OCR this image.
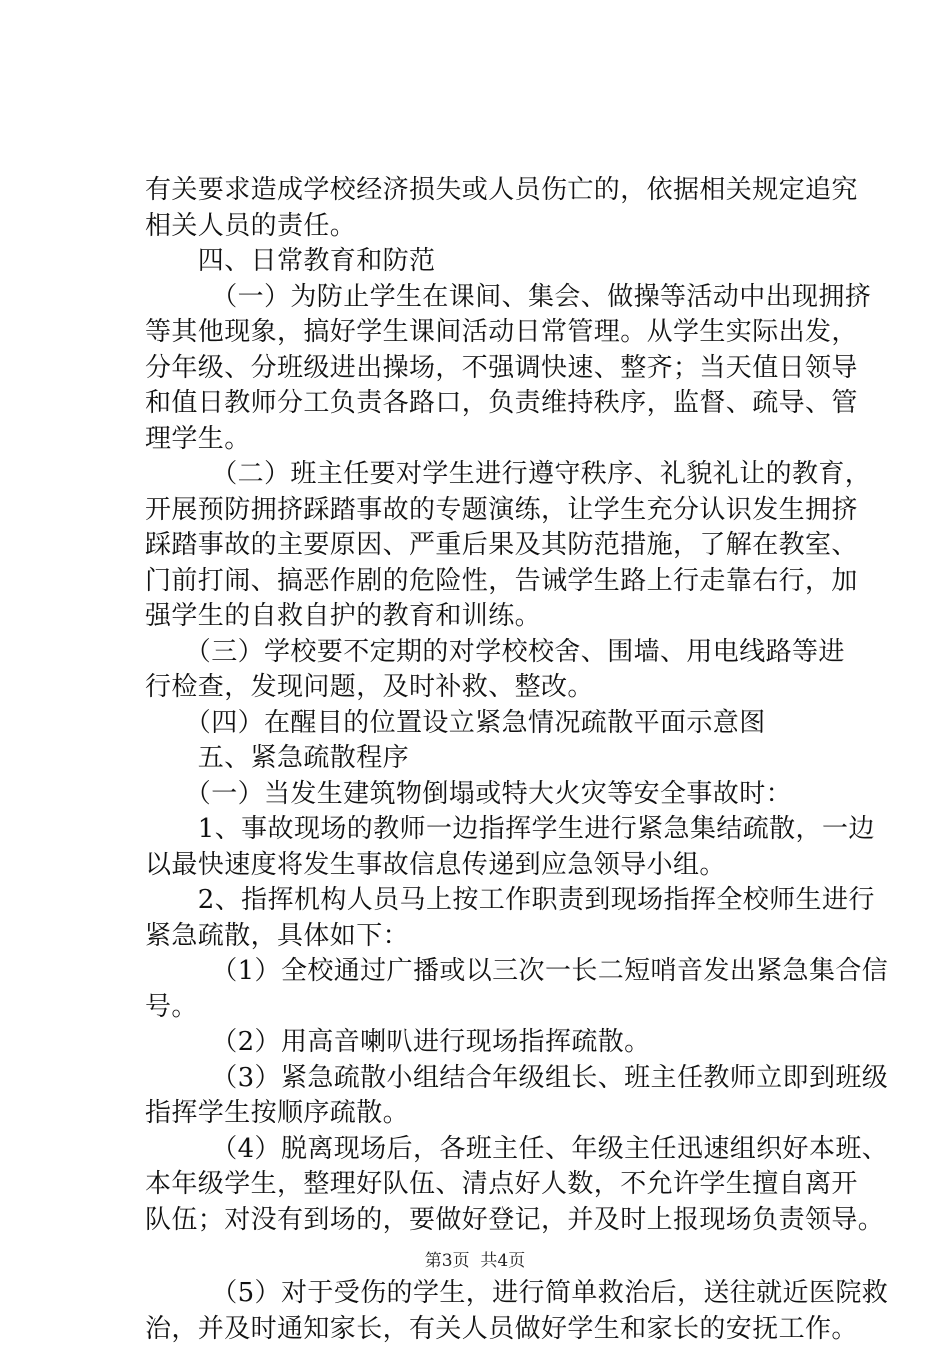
有关要求造成学校经济损失或人员伤亡的，依据相关规定追究
相关人员的责任。
　　四、日常教育和防范
　　　（一）为防止学生在课间、集会、做操等活动中出现拥挤
等其他现象，搞好学生课间活动日常管理。从学生实际出发，
分年级、分班级进出操场，不强调快速、整齐；当天值日领导
和值日教师分工负责各路口，负责维持秩序，监督、疏导、管
理学生。
　　　（二）班主任要对学生进行遵守秩序、礼貌礼让的教育，
开展预防拥挤踩踏事故的专题演练，让学生充分认识发生拥挤
踩踏事故的主要原因、严重后果及其防范措施，了解在教室、
门前打闹、搞恶作剧的危险性，告诫学生路上行走靠右行，加
强学生的自救自护的教育和训练。
　　（三）学校要不定期的对学校校舍、围墙、用电线路等进
行检查，发现问题，及时补救、整改。
　　（四）在醒目的位置设立紧急情况疏散平面示意图
　　五、紧急疏散程序
　　（一）当发生建筑物倒塌或特大火灾等安全事故时：
　　1、事故现场的教师一边指挥学生进行紧急集结疏散，一边
以最快速度将发生事故信息传递到应急领导小组。
　　2、指挥机构人员马上按工作职责到现场指挥全校师生进行
紧急疏散，具体如下：
　　　（1）全校通过广播或以三次一长二短哨音发出紧急集合信
号。
　　　（2）用高音喇叭进行现场指挥疏散。
　　　（3）紧急疏散小组结合年级组长、班主任教师立即到班级
指挥学生按顺序疏散。
　　　（4）脱离现场后，各班主任、年级主任迅速组织好本班、
本年级学生，整理好队伍、清点好人数，不允许学生擅自离开
队伍；对没有到场的，要做好登记，并及时上报现场负责领导。
　　　（5）对于受伤的学生，进行简单救治后，送往就近医院救
治，并及时通知家长，有关人员做好学生和家长的安抚工作。
第3页  共4页
